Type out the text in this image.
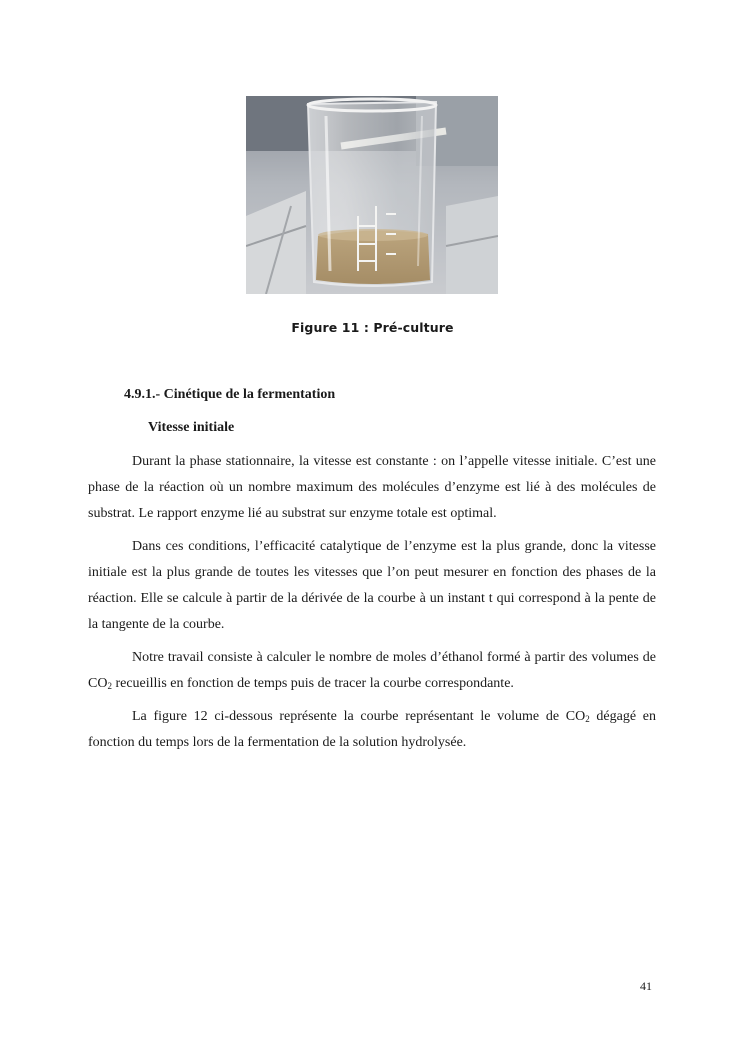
Figure 11 : Pré-culture
4.9.1.- Cinétique de la fermentation
Vitesse initiale

Durant la phase stationnaire, la vitesse est constante : on l’appelle vitesse initiale. C’est une phase de la réaction où un nombre maximum des molécules d’enzyme est lié à des molécules de substrat. Le rapport enzyme lié au substrat sur enzyme totale est optimal.

Dans ces conditions, l’efficacité catalytique de l’enzyme est la plus grande, donc la vitesse initiale est la plus grande de toutes les vitesses que l’on peut mesurer en fonction des phases de la réaction. Elle se calcule à partir de la dérivée de la courbe à un instant t qui correspond à la pente de la tangente de la courbe.

Notre travail consiste à calculer le nombre de moles d’éthanol formé à partir des volumes de $CO_2$ recueillis en fonction de temps puis de tracer la courbe correspondante.

La figure 12 ci-dessous représente la courbe représentant le volume de $CO_2$ dégagé en fonction du temps lors de la fermentation de la solution hydrolysée.

41
